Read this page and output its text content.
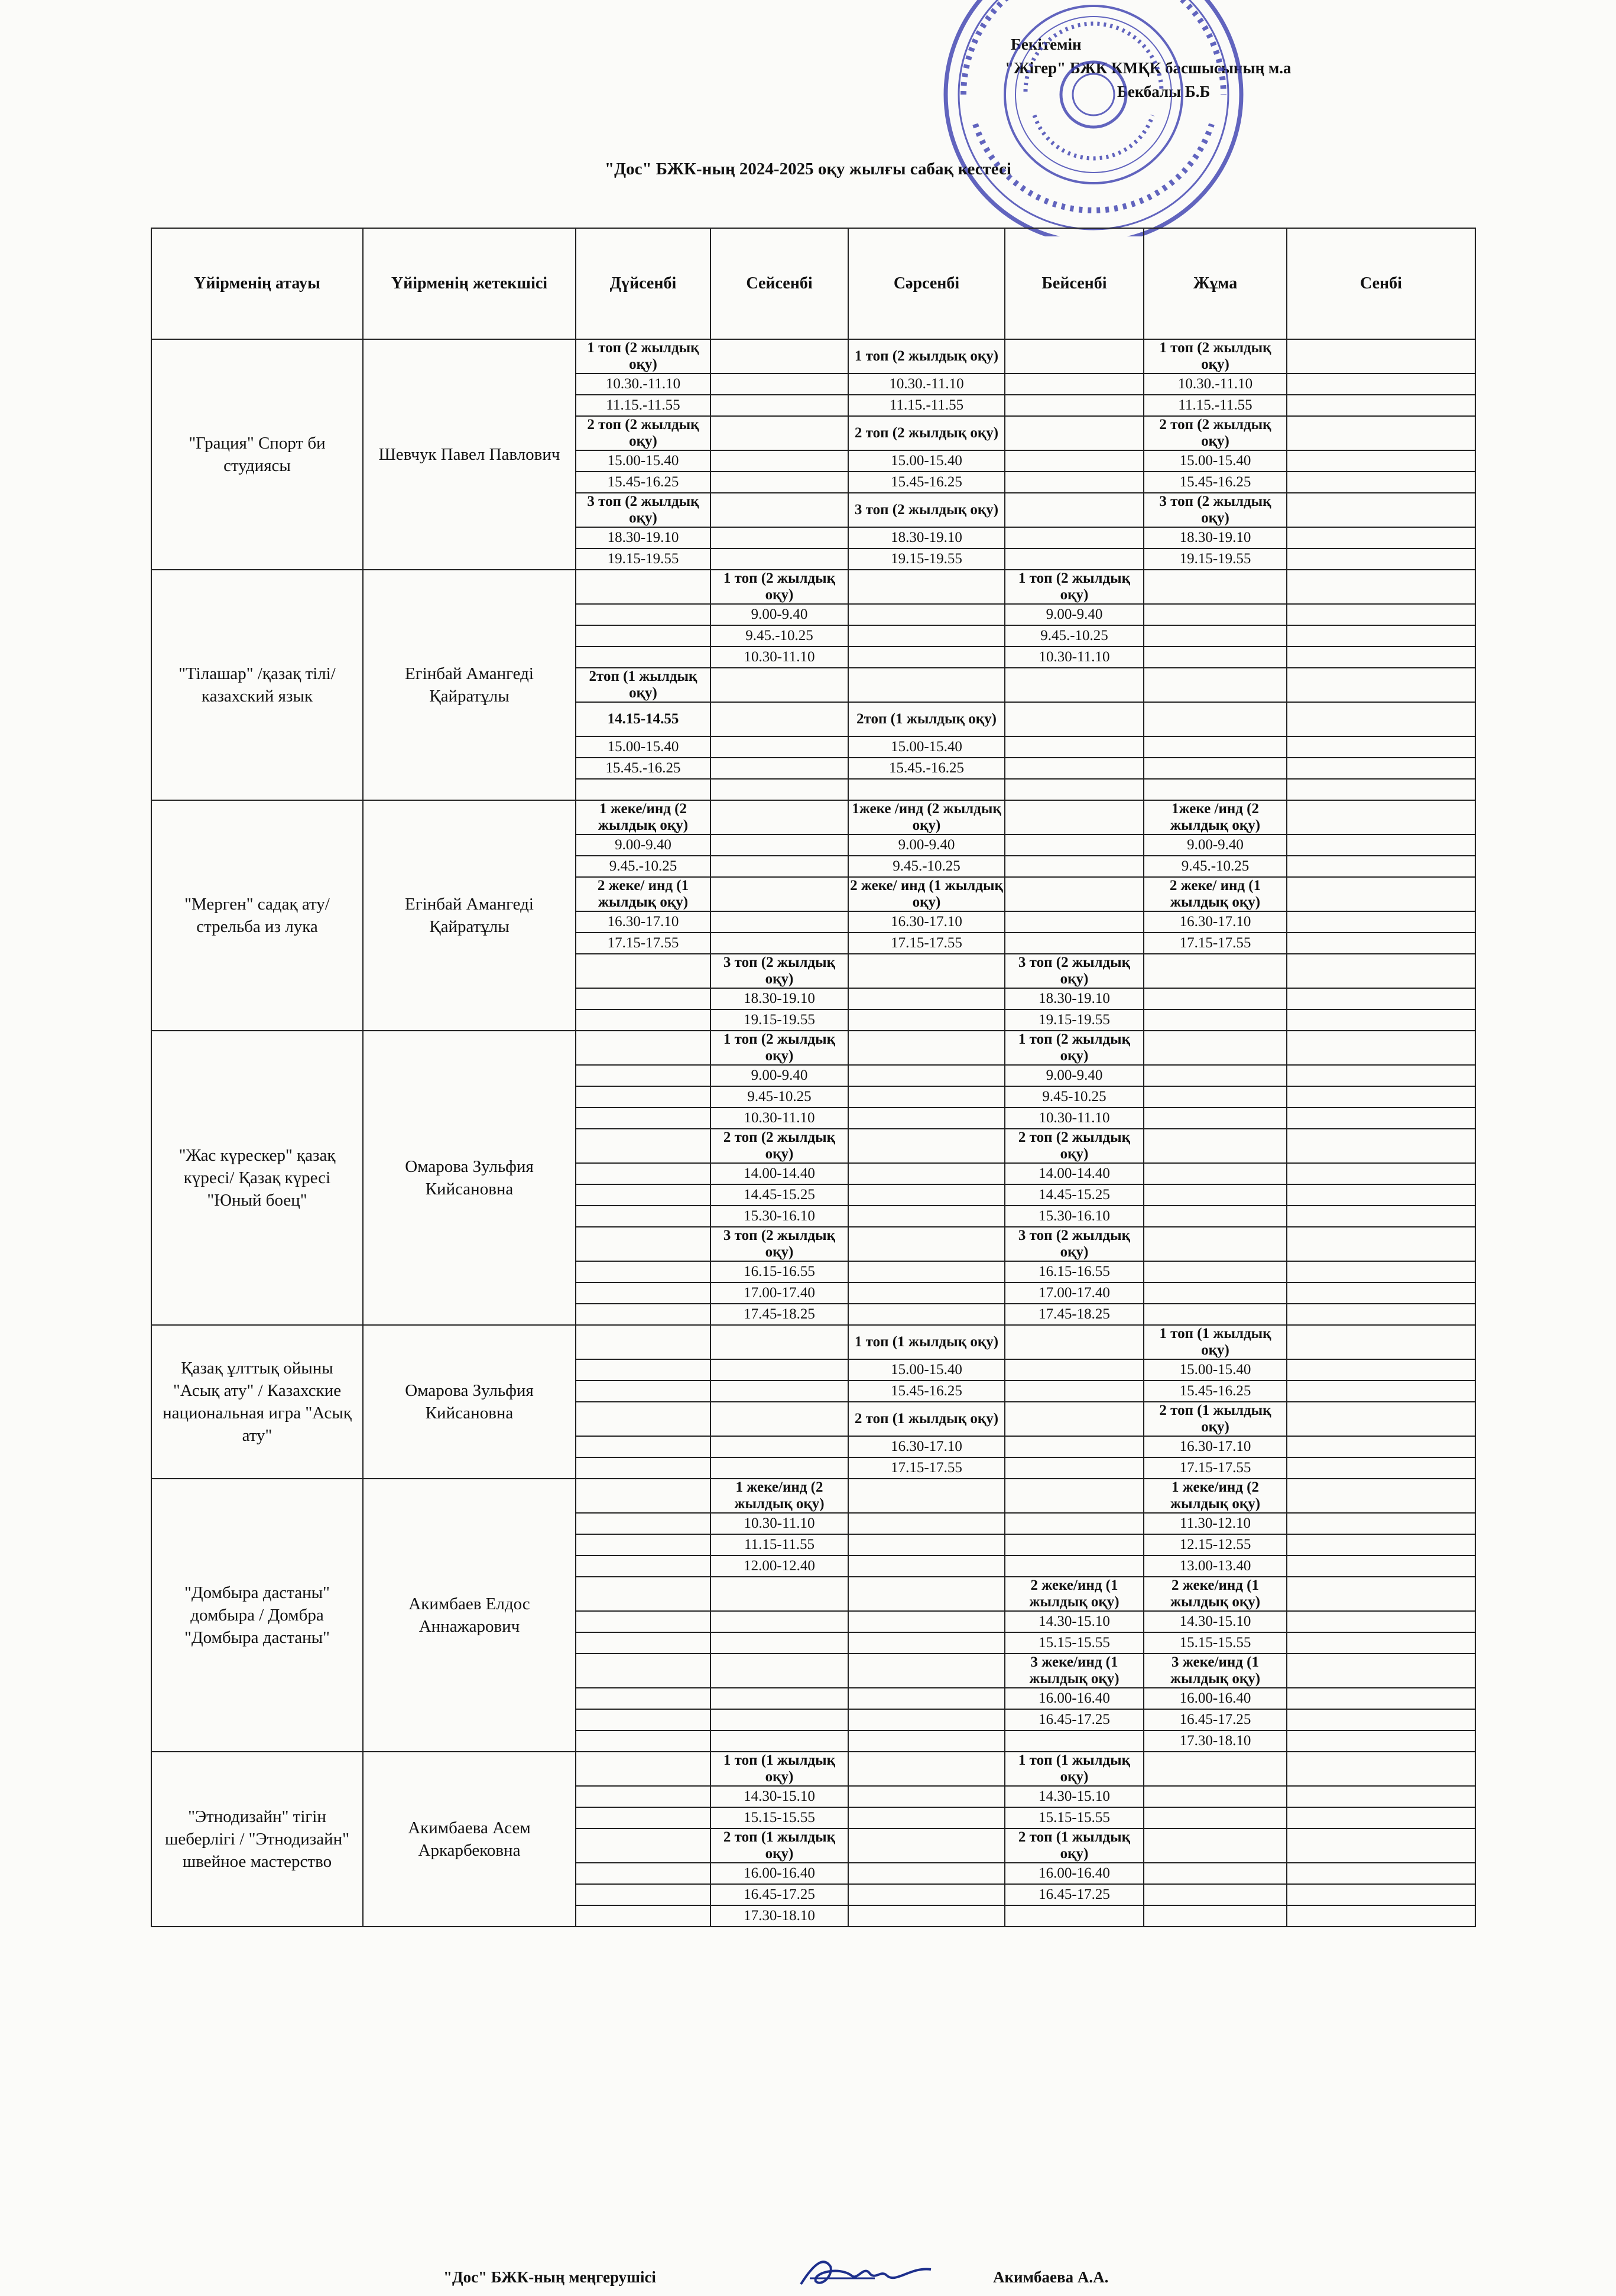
Бекітемін
"Жігер" БЖК КМҚК басшысының м.а
Бекбалы Б.Б
"Дос" БЖК-ның 2024-2025 оқу жылғы сабақ кестесі
Үйірменің атауы	Үйірменің жетекшісі	Дүйсенбі	Сейсенбі	Сәрсенбі	Бейсенбі	Жұма	Сенбі
"Грация" Спорт би студиясы	Шевчук Павел Павлович	1 топ (2 жылдық оқу)		1 топ (2 жылдық оқу)		1 топ (2 жылдық оқу)	
		10.30.-11.10		10.30.-11.10		10.30.-11.10	
		11.15.-11.55		11.15.-11.55		11.15.-11.55	
		2 топ (2 жылдық оқу)		2 топ (2 жылдық оқу)		2 топ (2 жылдық оқу)	
		15.00-15.40		15.00-15.40		15.00-15.40	
		15.45-16.25		15.45-16.25		15.45-16.25	
		3 топ (2 жылдық оқу)		3 топ (2 жылдық оқу)		3 топ (2 жылдық оқу)	
		18.30-19.10		18.30-19.10		18.30-19.10	
		19.15-19.55		19.15-19.55		19.15-19.55	
"Тілашар" /қазақ тілі/казахский язык	Егінбай Амангеді Қайратұлы		1 топ (2 жылдық оқу)		1 топ (2 жылдық оқу)		
			9.00-9.40		9.00-9.40		
			9.45.-10.25		9.45.-10.25		
			10.30-11.10		10.30-11.10		
		2топ (1 жылдық оқу)					
		14.15-14.55		2топ (1 жылдық оқу)			
		15.00-15.40		15.00-15.40			
		15.45.-16.25		15.45.-16.25			

"Мерген" садақ ату/ стрельба из лука	Егінбай Амангеді Қайратұлы	1 жеке/инд (2 жылдық оқу)		1жеке /инд (2 жылдық оқу)		1жеке /инд (2 жылдық оқу)	
		9.00-9.40		9.00-9.40		9.00-9.40	
		9.45.-10.25		9.45.-10.25		9.45.-10.25	
		2 жеке/ инд (1 жылдық оқу)		2 жеке/ инд (1 жылдық оқу)		2 жеке/ инд (1 жылдық оқу)	
		16.30-17.10		16.30-17.10		16.30-17.10	
		17.15-17.55		17.15-17.55		17.15-17.55	
			3 топ (2 жылдық оқу)		3 топ (2 жылдық оқу)		
			18.30-19.10		18.30-19.10		
			19.15-19.55		19.15-19.55		
"Жас күрескер" қазақ күресі/ Қазақ күресі "Юный боец"	Омарова Зульфия Кийсановна		1 топ (2 жылдық оқу)		1 топ (2 жылдық оқу)		
			9.00-9.40		9.00-9.40		
			9.45-10.25		9.45-10.25		
			10.30-11.10		10.30-11.10		
			2 топ (2 жылдық оқу)		2 топ (2 жылдық оқу)		
			14.00-14.40		14.00-14.40		
			14.45-15.25		14.45-15.25		
			15.30-16.10		15.30-16.10		
			3 топ (2 жылдық оқу)		3 топ (2 жылдық оқу)		
			16.15-16.55		16.15-16.55		
			17.00-17.40		17.00-17.40		
			17.45-18.25		17.45-18.25		
Қазақ ұлттық ойыны "Асық ату" / Казахские национальная игра "Асық ату"	Омарова Зульфия Кийсановна			1 топ (1 жылдық оқу)		1 топ (1 жылдық оқу)	
				15.00-15.40		15.00-15.40	
				15.45-16.25		15.45-16.25	
				2 топ (1 жылдық оқу)		2 топ (1 жылдық оқу)	
				16.30-17.10		16.30-17.10	
				17.15-17.55		17.15-17.55	
"Домбыра дастаны" домбыра / Домбра "Домбыра дастаны"	Акимбаев Елдос Аннажарович		1 жеке/инд (2 жылдық оқу)			1 жеке/инд (2 жылдық оқу)	
			10.30-11.10			11.30-12.10	
			11.15-11.55			12.15-12.55	
			12.00-12.40			13.00-13.40	
					2 жеке/инд (1 жылдық оқу)	2 жеке/инд (1 жылдық оқу)	
					14.30-15.10	14.30-15.10	
					15.15-15.55	15.15-15.55	
					3 жеке/инд (1 жылдық оқу)	3 жеке/инд (1 жылдық оқу)	
					16.00-16.40	16.00-16.40	
					16.45-17.25	16.45-17.25	
						17.30-18.10	
"Этнодизайн" тігін шеберлігі / "Этнодизайн" швейное мастерство	Акимбаева Асем Аркарбековна		1 топ (1 жылдық оқу)		1 топ (1 жылдық оқу)		
			14.30-15.10		14.30-15.10		
			15.15-15.55		15.15-15.55		
			2 топ (1 жылдық оқу)		2 топ (1 жылдық оқу)		
			16.00-16.40		16.00-16.40		
			16.45-17.25		16.45-17.25		
			17.30-18.10				
"Дос" БЖК-ның меңгерушісі	Акимбаева А.А.
